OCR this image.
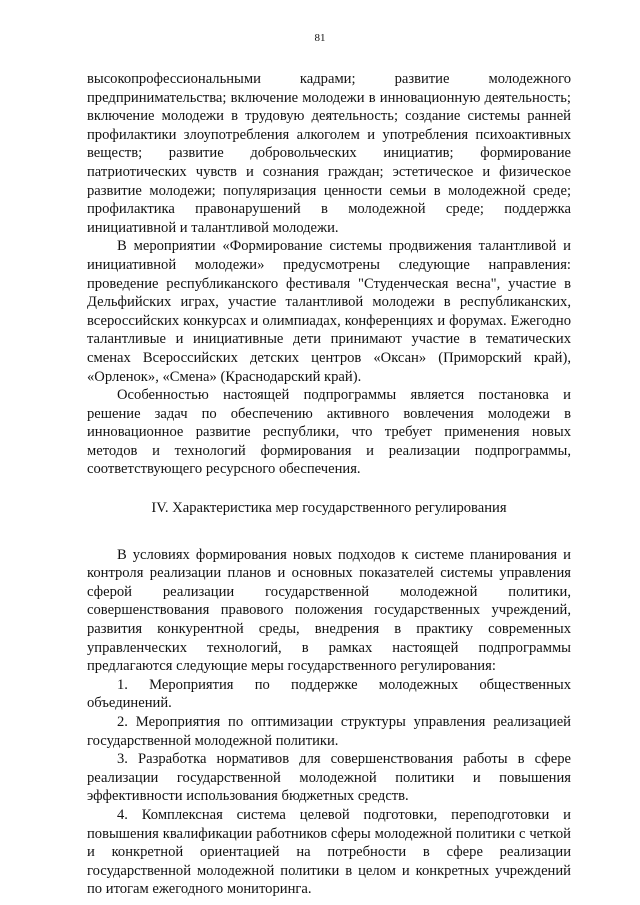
81

высокопрофессиональными кадрами; развитие молодежного предпринимательства; включение молодежи в инновационную деятельность; включение молодежи в трудовую деятельность; создание системы ранней профилактики злоупотребления алкоголем и употребления психоактивных веществ; развитие добровольческих инициатив; формирование патриотических чувств и сознания граждан; эстетическое и физическое развитие молодежи; популяризация ценности семьи в молодежной среде; профилактика правонарушений в молодежной среде; поддержка инициативной и талантливой молодежи.

В мероприятии «Формирование системы продвижения талантливой и инициативной молодежи» предусмотрены следующие направления: проведение республиканского фестиваля "Студенческая весна", участие в Дельфийских играх, участие талантливой молодежи в республиканских, всероссийских конкурсах и олимпиадах, конференциях и форумах. Ежегодно талантливые и инициативные дети принимают участие в тематических сменах Всероссийских детских центров «Оксан» (Приморский край), «Орленок», «Смена» (Краснодарский край).

Особенностью настоящей подпрограммы является постановка и решение задач по обеспечению активного вовлечения молодежи в инновационное развитие республики, что требует применения новых методов и технологий формирования и реализации подпрограммы, соответствующего ресурсного обеспечения.

IV. Характеристика мер государственного регулирования

В условиях формирования новых подходов к системе планирования и контроля реализации планов и основных показателей системы управления сферой реализации государственной молодежной политики, совершенствования правового положения государственных учреждений, развития конкурентной среды, внедрения в практику современных управленческих технологий, в рамках настоящей подпрограммы предлагаются следующие меры государственного регулирования:

1. Мероприятия по поддержке молодежных общественных объединений.

2. Мероприятия по оптимизации структуры управления реализацией государственной молодежной политики.

3. Разработка нормативов для совершенствования работы в сфере реализации государственной молодежной политики и повышения эффективности использования бюджетных средств.

4. Комплексная система целевой подготовки, переподготовки и повышения квалификации работников сферы молодежной политики с четкой и конкретной ориентацией на потребности в сфере реализации государственной молодежной политики в целом и конкретных учреждений по итогам ежегодного мониторинга.
